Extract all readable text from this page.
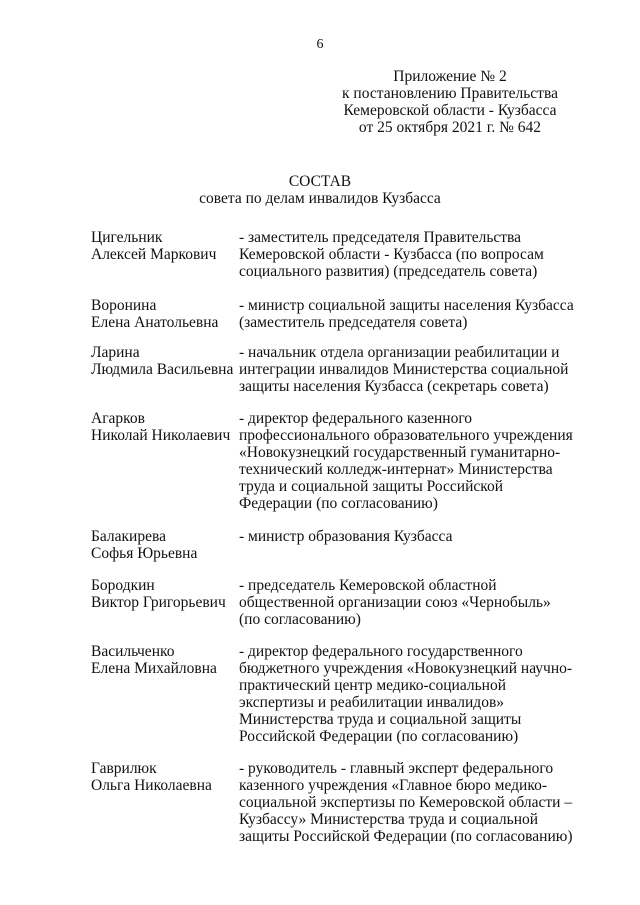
6
Приложение № 2
к постановлению Правительства
Кемеровской области - Кузбасса
от 25 октября 2021 г. № 642
СОСТАВ
совета по делам инвалидов Кузбасса
Цигельник
Алексей Маркович
- заместитель председателя Правительства
Кемеровской области - Кузбасса (по вопросам
социального развития) (председатель совета)
Воронина
Елена Анатольевна
- министр социальной защиты населения Кузбасса
(заместитель председателя совета)
Ларина
Людмила Васильевна
- начальник отдела организации реабилитации и
интеграции инвалидов Министерства социальной
защиты населения Кузбасса (секретарь совета)
Агарков
Николай Николаевич
- директор федерального казенного
профессионального образовательного учреждения
«Новокузнецкий государственный гуманитарно-
технический колледж-интернат» Министерства
труда и социальной защиты Российской
Федерации (по согласованию)
Балакирева
Софья Юрьевна
- министр образования Кузбасса
Бородкин
Виктор Григорьевич
- председатель Кемеровской областной
общественной организации союз «Чернобыль»
(по согласованию)
Васильченко
Елена Михайловна
- директор федерального государственного
бюджетного учреждения «Новокузнецкий научно-
практический центр медико-социальной
экспертизы и реабилитации инвалидов»
Министерства труда и социальной защиты
Российской Федерации (по согласованию)
Гаврилюк
Ольга Николаевна
- руководитель - главный эксперт федерального
казенного учреждения «Главное бюро медико-
социальной экспертизы по Кемеровской области –
Кузбассу» Министерства труда и социальной
защиты Российской Федерации (по согласованию)
